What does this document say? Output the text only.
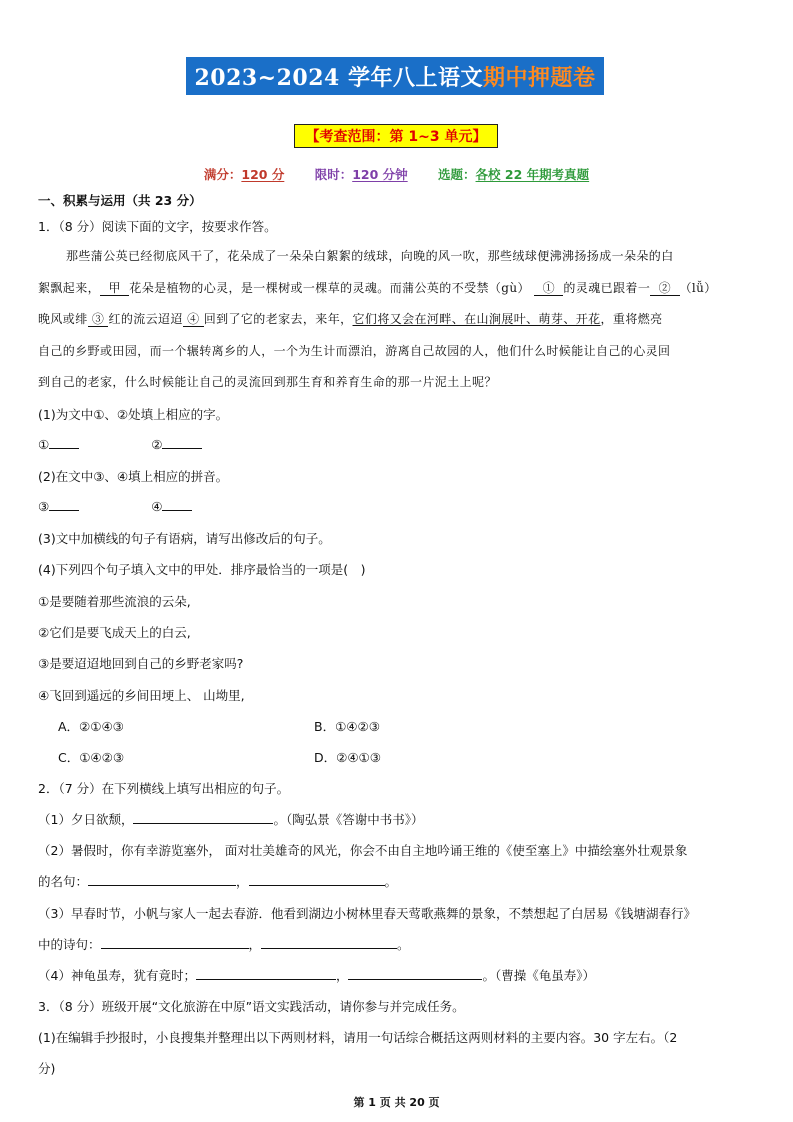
2023~2024 学年八上语文 期中押题卷
【考查范围：第 1~3 单元】
满分：120 分 限时：120 分钟 选题：各校 22 年期考真题
一、积累与运用（共 23 分）
1．（8 分）阅读下面的文字，按要求作答。
那些蒲公英已经彻底风干了，花朵成了一朵朵白絮絮的绒球，向晚的风一吹，那些绒球便沸沸扬扬成一朵朵的白
絮飘起来， 甲 花朵是植物的心灵，是一棵树或一棵草的灵魂。而蒲公英的不受禁（gù） ① 的灵魂已跟着一 ② （lǚ）
晚风或绯 ③ 红的流云迢迢 ④ 回到了它的老家去，来年，它们将又会在河畔、在山涧展叶、萌芽、开花，重将燃亮
自己的乡野或田园，而一个辗转离乡的人，一个为生计而漂泊，游离自己故园的人，他们什么时候能让自己的心灵回
到自己的老家，什么时候能让自己的灵流回到那生育和养育生命的那一片泥土上呢？
(1)为文中①、②处填上相应的字。
①	②
(2)在文中③、④填上相应的拼音。
③	④
(3)文中加横线的句子有语病，请写出修改后的句子。
(4)下列四个句子填入文中的甲处．排序最恰当的一项是(　)
①是要随着那些流浪的云朵,
②它们是要飞成天上的白云,
③是要迢迢地回到自己的乡野老家吗?
④飞回到遥远的乡间田埂上、 山坳里,
A．②①④③	B．①④②③
C．①④②③	D．②④①③
2．（7 分）在下列横线上填写出相应的句子。
（1）夕日欲颓，	。（陶弘景《答谢中书书》）
（2）暑假时，你有幸游览塞外， 面对壮美雄奇的风光，你会不由自主地吟诵王维的《使至塞上》中描绘塞外壮观景象
的名句：	，	。
（3）早春时节，小帆与家人一起去春游．他看到湖边小树林里春天莺歌燕舞的景象，不禁想起了白居易《钱塘湖春行》
中的诗句：	，	。
（4）神龟虽寿，犹有竟时；	，	。（曹操《龟虽寿》）
3．（8 分）班级开展“文化旅游在中原”语文实践活动，请你参与并完成任务。
(1)在编辑手抄报时，小良搜集并整理出以下两则材料，请用一句话综合概括这两则材料的主要内容。30 字左右。（2
分)
第 1 页 共 20 页
